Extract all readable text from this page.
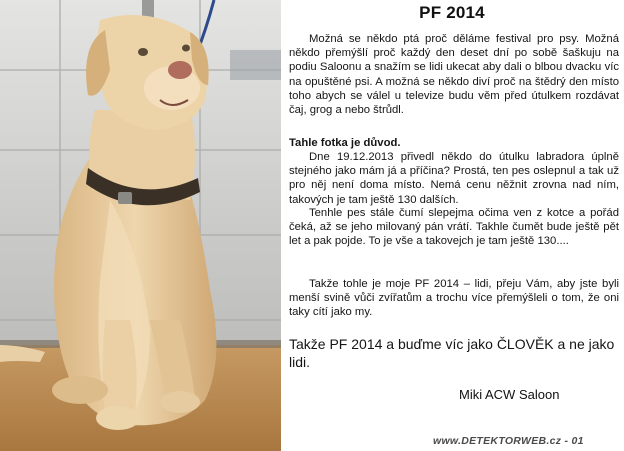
PF 2014

Možná se někdo ptá proč děláme festival pro psy. Možná někdo přemýšlí proč každý den deset dní po sobě šaškuju na podiu Saloonu a snažím se lidi ukecat aby dali o blbou dvacku víc na opuštěné psi. A možná se někdo diví proč na štědrý den místo toho abych se válel u televize budu věm před útulkem rozdávat čaj, grog a nebo štrůdl.

Tahle fotka je důvod.

Dne 19.12.2013 přivedl někdo do útulku labradora úplně stejného jako mám já a příčina? Prostá, ten pes oslepnul a tak už pro něj není doma místo. Nemá cenu něžnit zrovna nad ním, takových je tam ještě 130 dalších.

Tenhle pes stále čumí slepejma očima ven z kotce a pořád čeká, až se jeho milovaný pán vrátí. Takhle čumět bude ještě pět let a pak pojde. To je vše a takovejch je tam ještě 130....

Takže tohle je moje PF 2014 – lidi, přeju Vám, aby jste byli menší svině vůči zvířatům a trochu více přemýšleli o tom, že oni taky cítí jako my.

Takže PF 2014 a buďme víc jako ČLOVĚK a ne jako lidi.

Miki ACW Saloon
www.DETEKTORWEB.cz - 01
